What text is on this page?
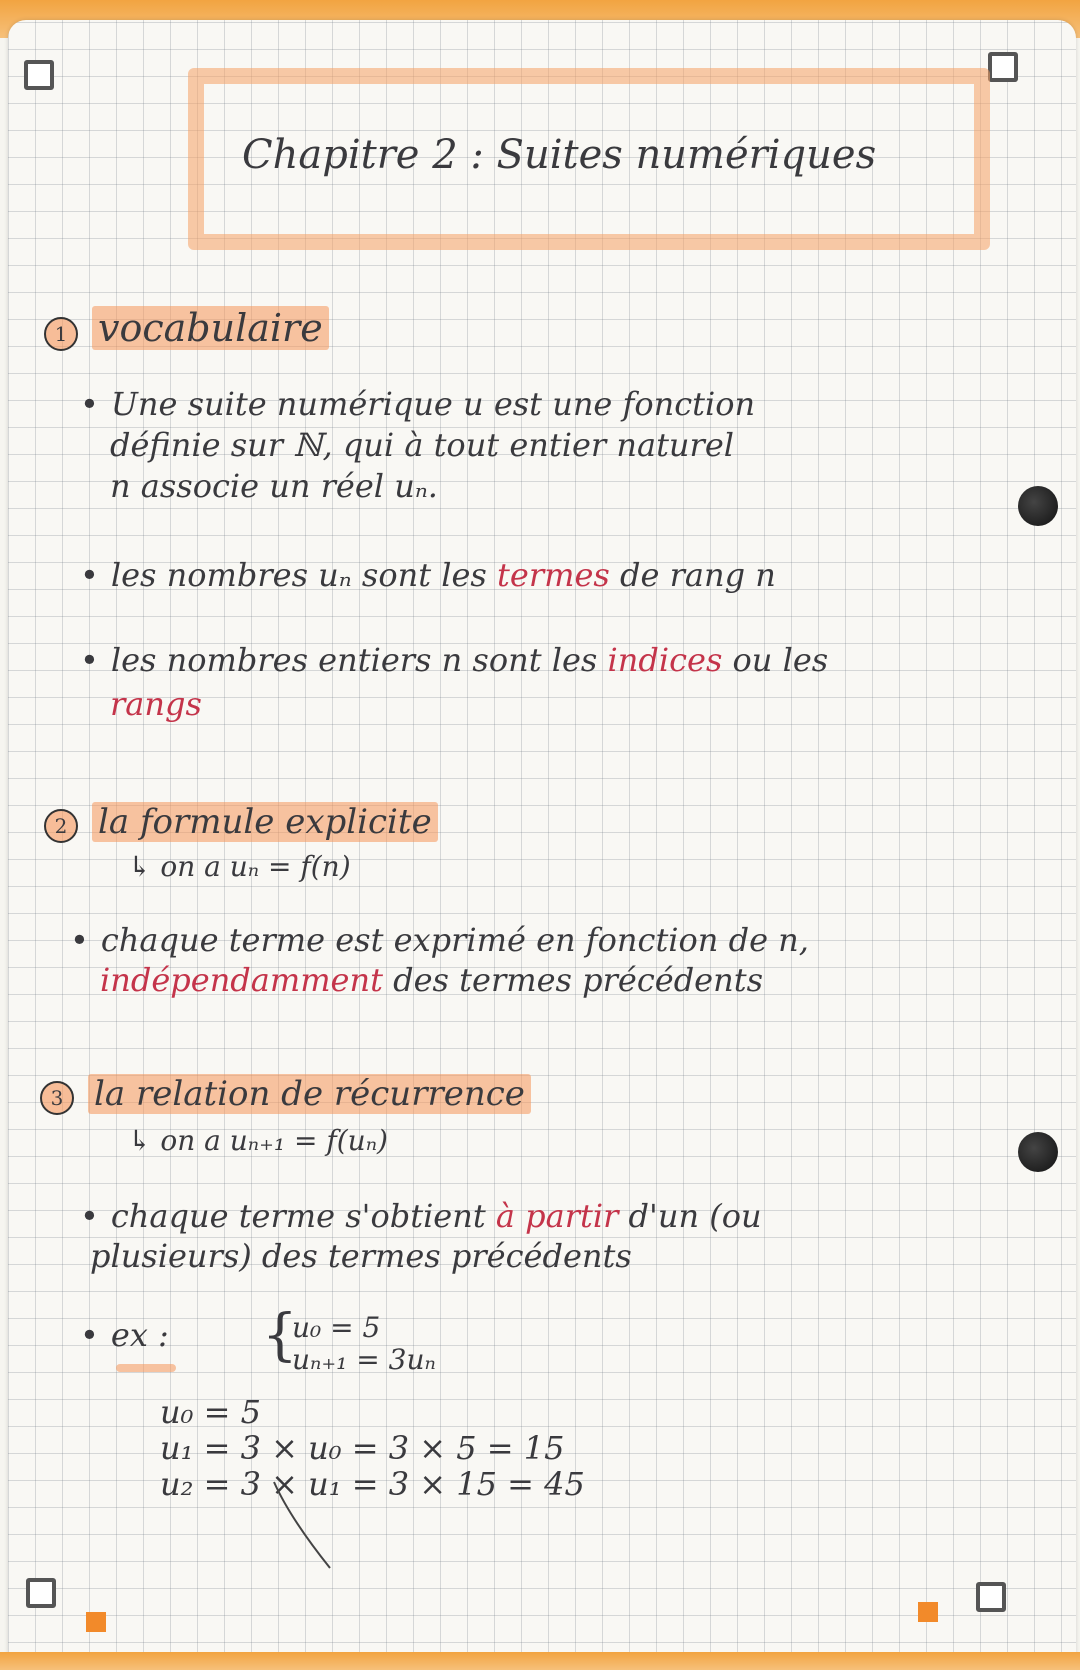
Chapitre 2 : Suites numériques
1 vocabulaire
• Une suite numérique u est une fonction
définie sur ℕ, qui à tout entier naturel
n associe un réel uₙ.
• les nombres uₙ sont les termes de rang n
• les nombres entiers n sont les indices ou les
rangs
2 la formule explicite
↳ on a uₙ = f(n)
• chaque terme est exprimé en fonction de n,
indépendamment des termes précédents
3 la relation de récurrence
↳ on a uₙ₊₁ = f(uₙ)
• chaque terme s'obtient à partir d'un (ou
plusieurs) des termes précédents
• ex : {
u₀ = 5
uₙ₊₁ = 3uₙ
u₀ = 5
u₁ = 3 × u₀ = 3 × 5 = 15
u₂ = 3 × u₁ = 3 × 15 = 45
